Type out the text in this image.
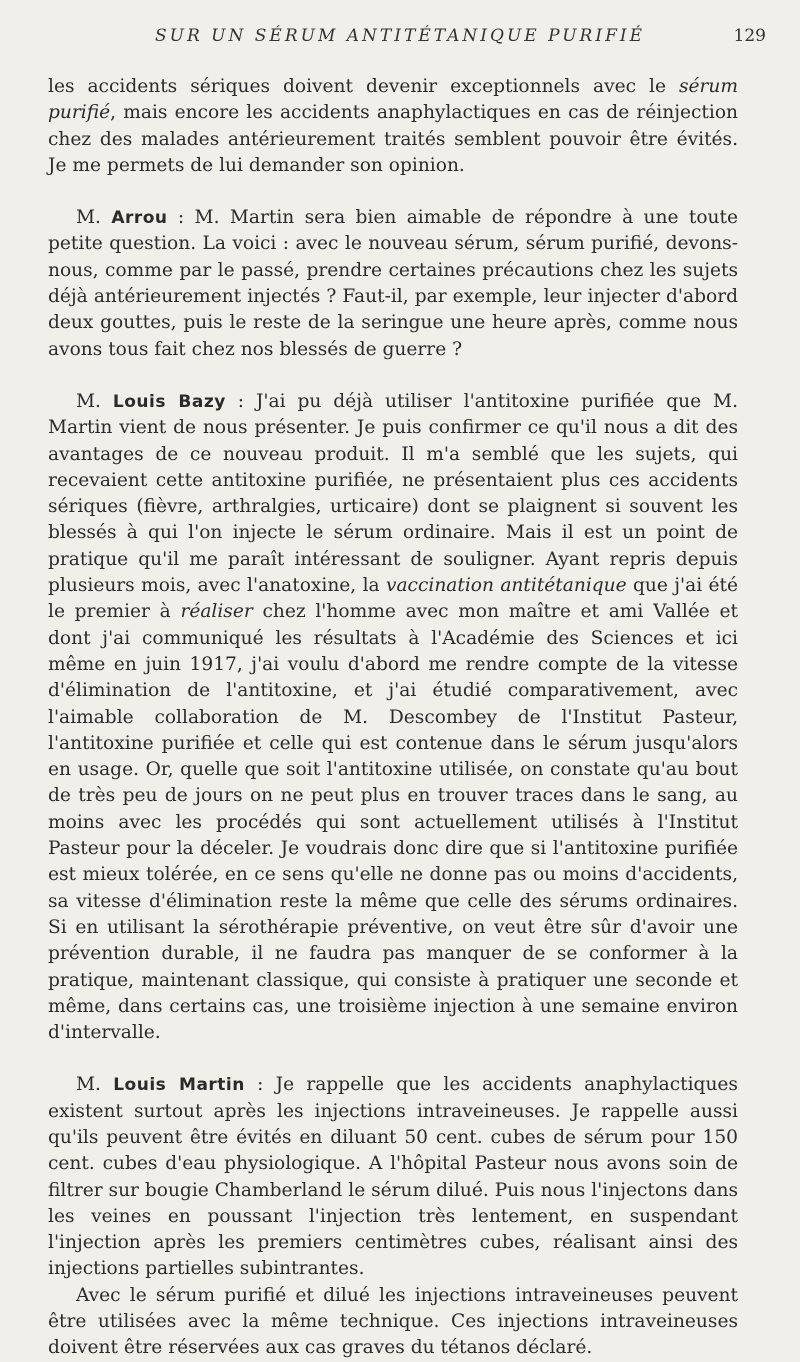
SUR UN SÉRUM ANTITÉTANIQUE PURIFIÉ	129

les accidents sériques doivent devenir exceptionnels avec le sérum purifié, mais encore les accidents anaphylactiques en cas de réinjection chez des malades antérieurement traités semblent pouvoir être évités. Je me permets de lui demander son opinion.

M. Arrou : M. Martin sera bien aimable de répondre à une toute petite question. La voici : avec le nouveau sérum, sérum purifié, devons-nous, comme par le passé, prendre certaines précautions chez les sujets déjà antérieurement injectés ? Faut-il, par exemple, leur injecter d'abord deux gouttes, puis le reste de la seringue une heure après, comme nous avons tous fait chez nos blessés de guerre ?

M. Louis Bazy : J'ai pu déjà utiliser l'antitoxine purifiée que M. Martin vient de nous présenter. Je puis confirmer ce qu'il nous a dit des avantages de ce nouveau produit. Il m'a semblé que les sujets, qui recevaient cette antitoxine purifiée, ne présentaient plus ces accidents sériques (fièvre, arthralgies, urticaire) dont se plaignent si souvent les blessés à qui l'on injecte le sérum ordinaire. Mais il est un point de pratique qu'il me paraît intéressant de souligner. Ayant repris depuis plusieurs mois, avec l'anatoxine, la vaccination antitétanique que j'ai été le premier à réaliser chez l'homme avec mon maître et ami Vallée et dont j'ai communiqué les résultats à l'Académie des Sciences et ici même en juin 1917, j'ai voulu d'abord me rendre compte de la vitesse d'élimination de l'antitoxine, et j'ai étudié comparativement, avec l'aimable collaboration de M. Descombey de l'Institut Pasteur, l'antitoxine purifiée et celle qui est contenue dans le sérum jusqu'alors en usage. Or, quelle que soit l'antitoxine utilisée, on constate qu'au bout de très peu de jours on ne peut plus en trouver traces dans le sang, au moins avec les procédés qui sont actuellement utilisés à l'Institut Pasteur pour la déceler. Je voudrais donc dire que si l'antitoxine purifiée est mieux tolérée, en ce sens qu'elle ne donne pas ou moins d'accidents, sa vitesse d'élimination reste la même que celle des sérums ordinaires. Si en utilisant la sérothérapie préventive, on veut être sûr d'avoir une prévention durable, il ne faudra pas manquer de se conformer à la pratique, maintenant classique, qui consiste à pratiquer une seconde et même, dans certains cas, une troisième injection à une semaine environ d'intervalle.

M. Louis Martin : Je rappelle que les accidents anaphylactiques existent surtout après les injections intraveineuses. Je rappelle aussi qu'ils peuvent être évités en diluant 50 cent. cubes de sérum pour 150 cent. cubes d'eau physiologique. A l'hôpital Pasteur nous avons soin de filtrer sur bougie Chamberland le sérum dilué. Puis nous l'injectons dans les veines en poussant l'injection très lentement, en suspendant l'injection après les premiers centimètres cubes, réalisant ainsi des injections partielles subintrantes.

Avec le sérum purifié et dilué les injections intraveineuses peuvent être utilisées avec la même technique. Ces injections intraveineuses doivent être réservées aux cas graves du tétanos déclaré.
